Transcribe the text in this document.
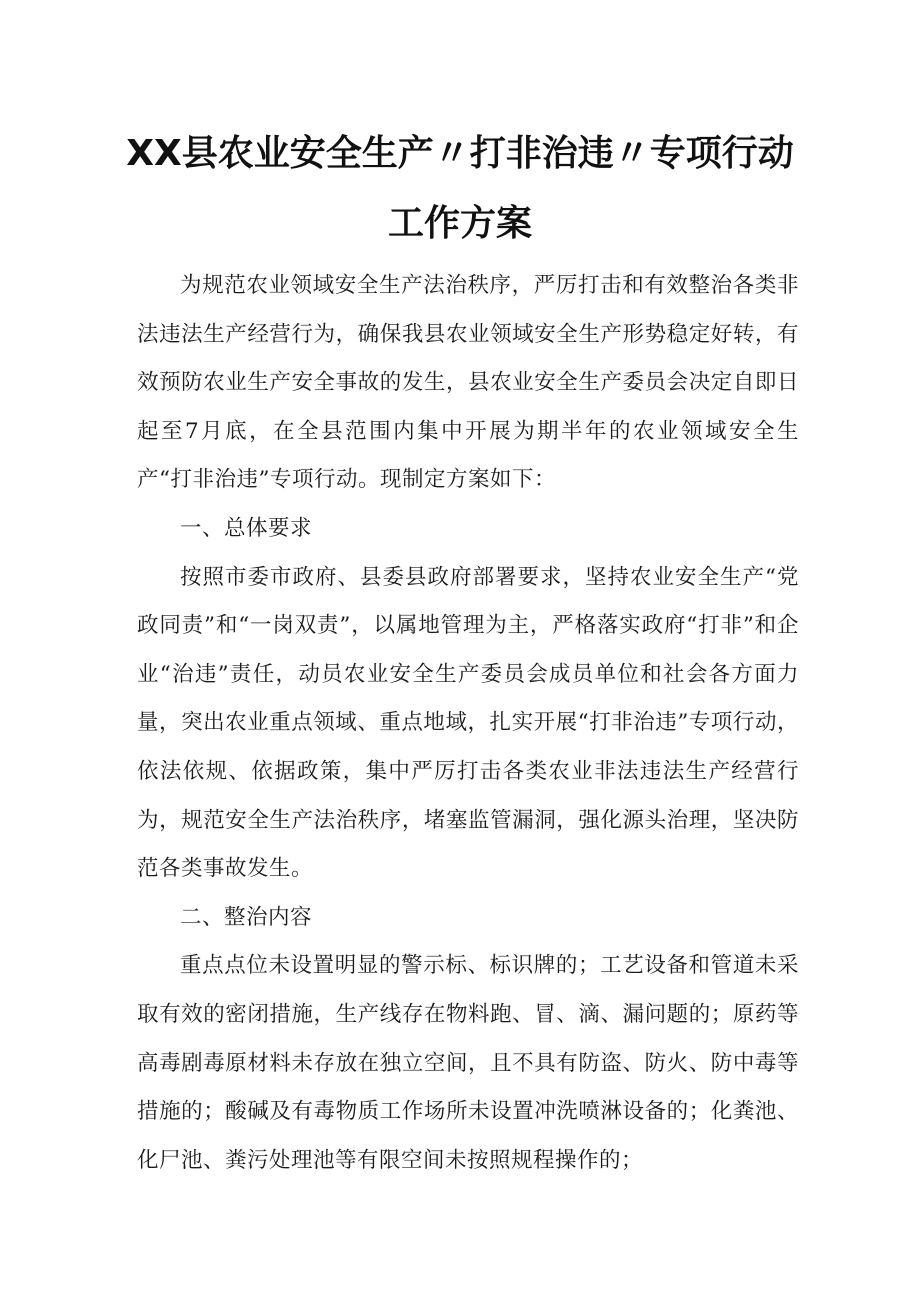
XX县农业安全生产〃打非治违〃专项行动
工作方案

为规范农业领域安全生产法治秩序，严厉打击和有效整治各类非法违法生产经营行为，确保我县农业领域安全生产形势稳定好转，有效预防农业生产安全事故的发生，县农业安全生产委员会决定自即日起至7月底，在全县范围内集中开展为期半年的农业领域安全生产“打非治违”专项行动。现制定方案如下：

一、总体要求

按照市委市政府、县委县政府部署要求，坚持农业安全生产“党政同责”和“一岗双责”，以属地管理为主，严格落实政府“打非”和企业“治违”责任，动员农业安全生产委员会成员单位和社会各方面力量，突出农业重点领域、重点地域，扎实开展“打非治违”专项行动，依法依规、依据政策，集中严厉打击各类农业非法违法生产经营行为，规范安全生产法治秩序，堵塞监管漏洞，强化源头治理，坚决防范各类事故发生。

二、整治内容

重点点位未设置明显的警示标、标识牌的；工艺设备和管道未采取有效的密闭措施，生产线存在物料跑、冒、滴、漏问题的；原药等高毒剧毒原材料未存放在独立空间，且不具有防盗、防火、防中毒等措施的；酸碱及有毒物质工作场所未设置冲洗喷淋设备的；化粪池、化尸池、粪污处理池等有限空间未按照规程操作的；
